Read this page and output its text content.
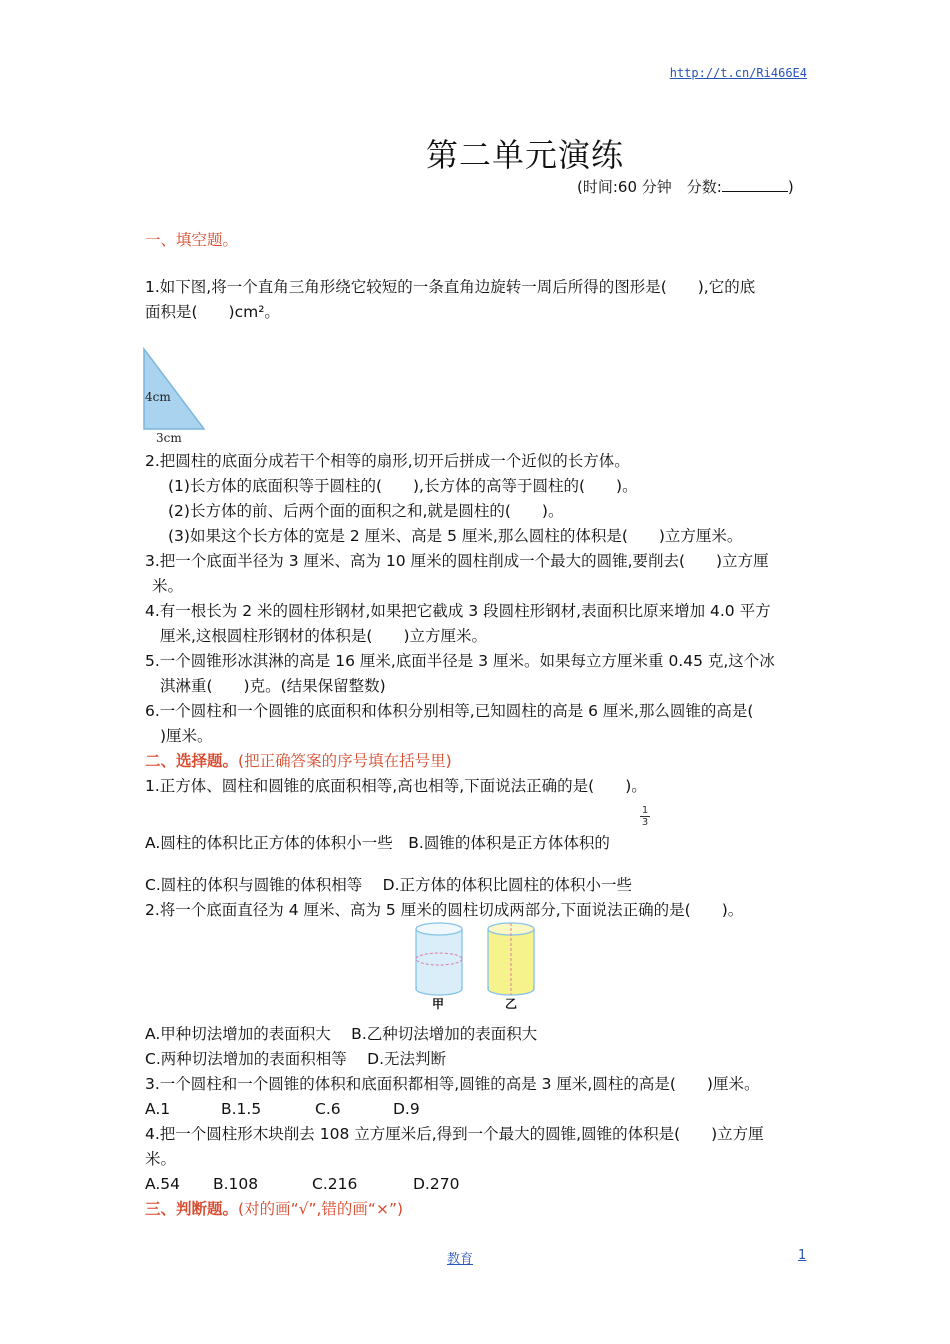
http://t.cn/Ri466E4
第二单元演练
(时间:60 分钟　分数:	)
一、填空题。
1.如下图,将一个直角三角形绕它较短的一条直角边旋转一周后所得的图形是(　　),它的底
面积是(　　)cm²。
4cm
3cm
2.把圆柱的底面分成若干个相等的扇形,切开后拼成一个近似的长方体。
(1)长方体的底面积等于圆柱的(　　),长方体的高等于圆柱的(　　)。
(2)长方体的前、后两个面的面积之和,就是圆柱的(　　)。
(3)如果这个长方体的宽是 2 厘米、高是 5 厘米,那么圆柱的体积是(　　)立方厘米。
3.把一个底面半径为 3 厘米、高为 10 厘米的圆柱削成一个最大的圆锥,要削去(　　)立方厘
米。
4.有一根长为 2 米的圆柱形钢材,如果把它截成 3 段圆柱形钢材,表面积比原来增加 4.0 平方
厘米,这根圆柱形钢材的体积是(　　)立方厘米。
5.一个圆锥形冰淇淋的高是 16 厘米,底面半径是 3 厘米。如果每立方厘米重 0.45 克,这个冰
淇淋重(　　)克。(结果保留整数)
6.一个圆柱和一个圆锥的底面积和体积分别相等,已知圆柱的高是 6 厘米,那么圆锥的高是(
)厘米。
二、选择题。(把正确答案的序号填在括号里)
1.正方体、圆柱和圆锥的底面积相等,高也相等,下面说法正确的是(　　)。
$\frac{1}{3}$
A.圆柱的体积比正方体的体积小一些　B.圆锥的体积是正方体体积的
C.圆柱的体积与圆锥的体积相等　 D.正方体的体积比圆柱的体积小一些
2.将一个底面直径为 4 厘米、高为 5 厘米的圆柱切成两部分,下面说法正确的是(　　)。
甲	乙
A.甲种切法增加的表面积大　 B.乙种切法增加的表面积大
C.两种切法增加的表面积相等　 D.无法判断
3.一个圆柱和一个圆锥的体积和底面积都相等,圆锥的高是 3 厘米,圆柱的高是(　　)厘米。
A.1	B.1.5	C.6	D.9
4.把一个圆柱形木块削去 108 立方厘米后,得到一个最大的圆锥,圆锥的体积是(　　)立方厘
米。
A.54 B.108	C.216	D.270
三、判断题。(对的画“√”,错的画“×”)
教育	1
